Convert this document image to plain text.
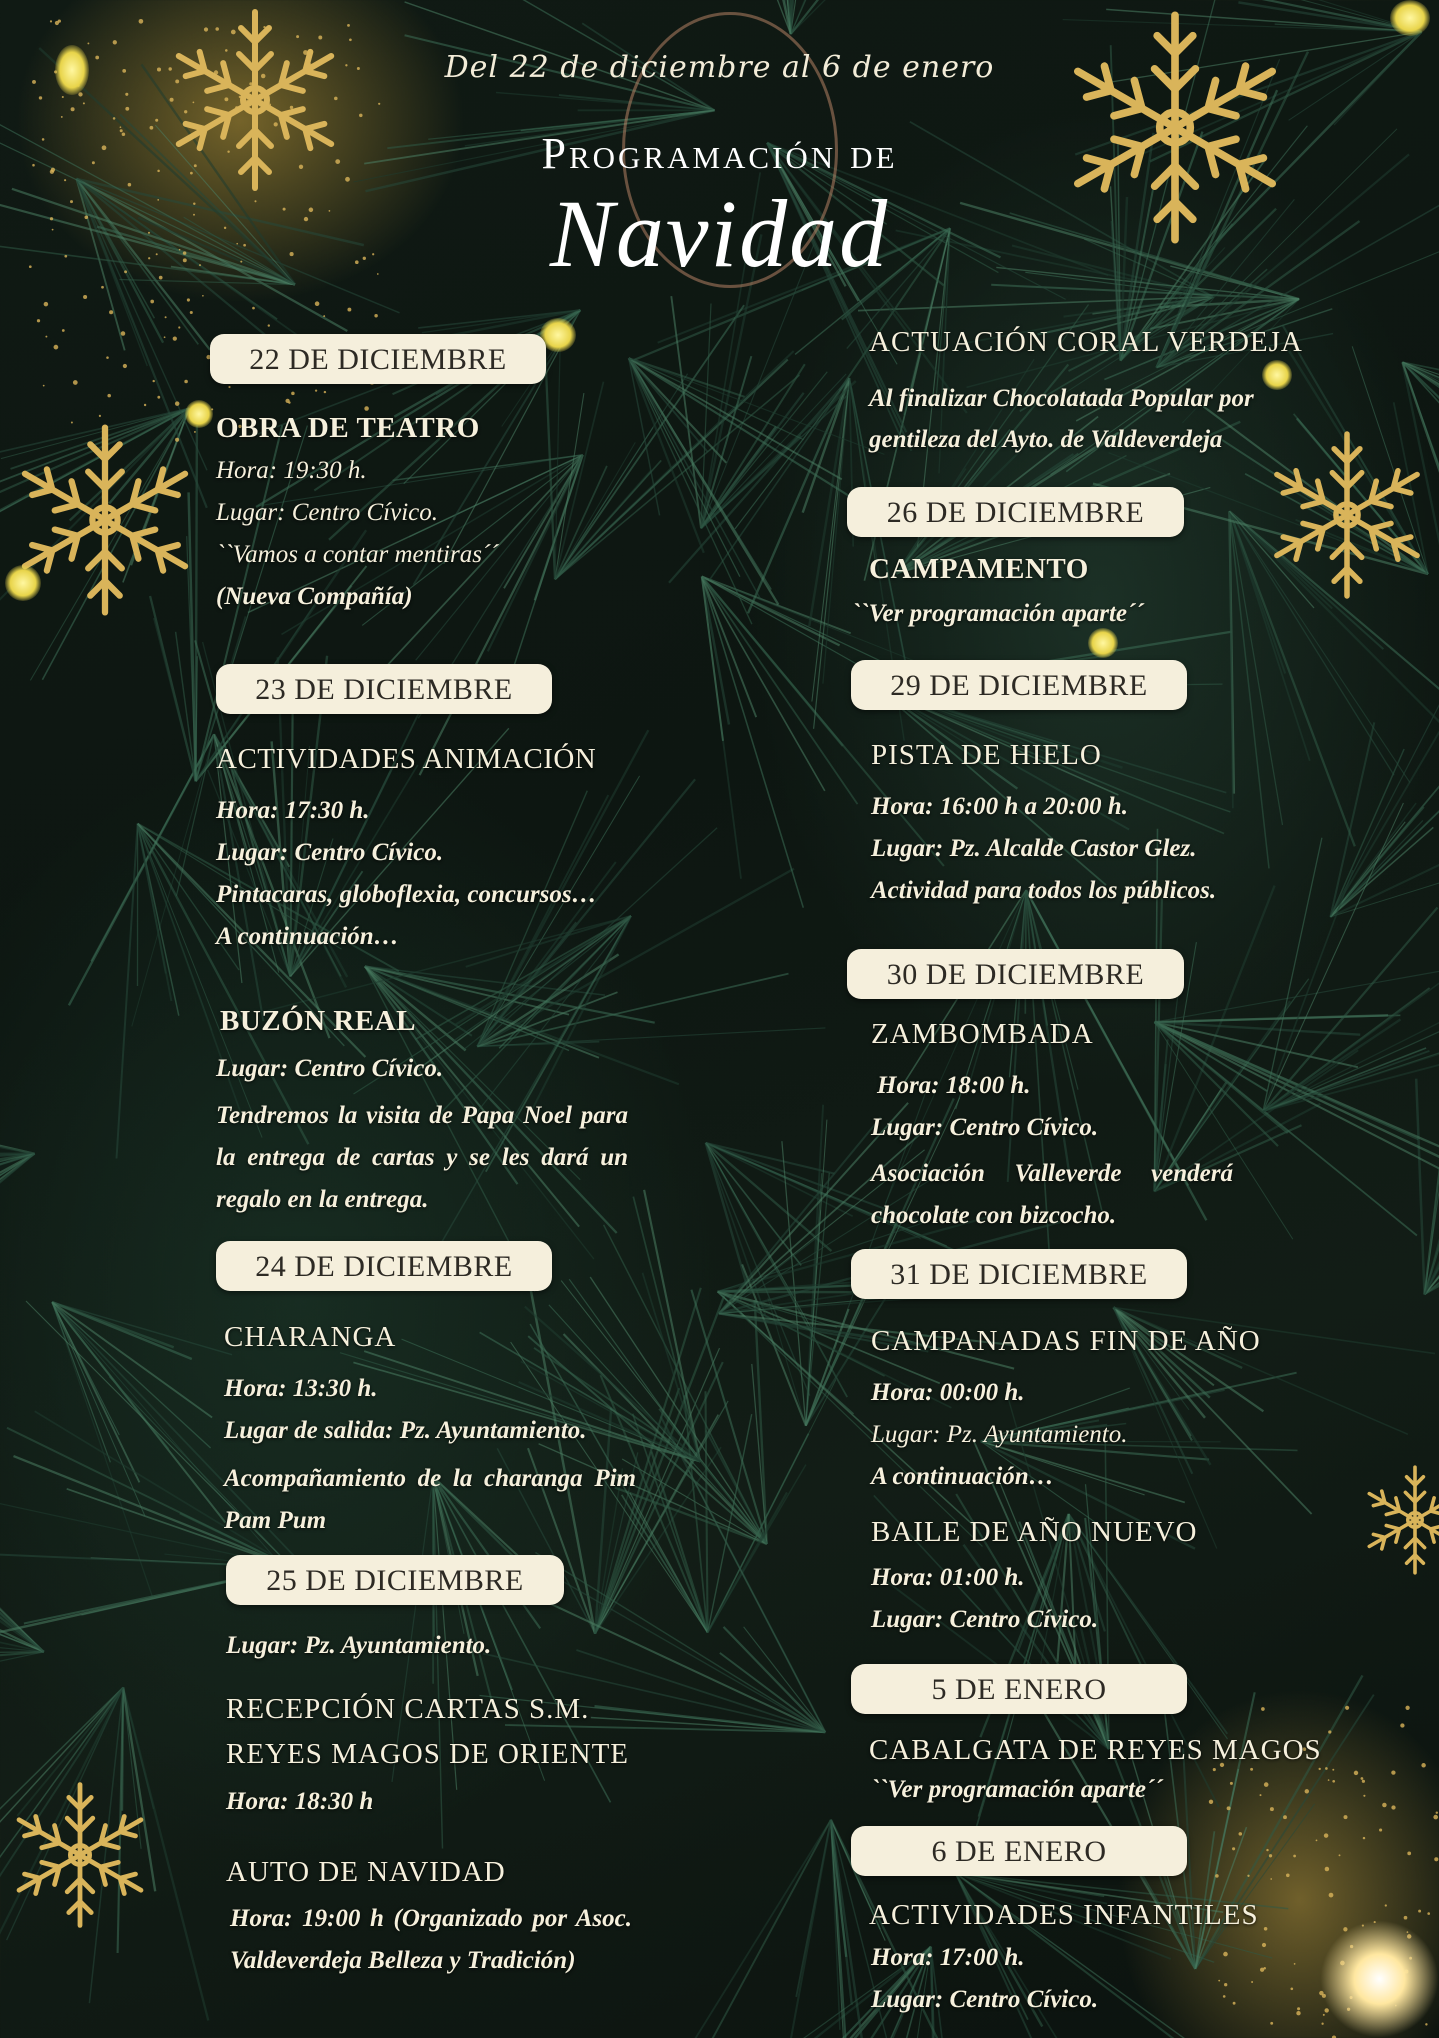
Del 22 de diciembre al 6 de enero
Programación de
Navidad
22 DE DICIEMBRE
OBRA DE TEATRO
Hora: 19:30 h.
Lugar: Centro Cívico.
``Vamos a contar mentiras´´
(Nueva Compañía)
23 DE DICIEMBRE
ACTIVIDADES ANIMACIÓN
Hora: 17:30 h.
Lugar: Centro Cívico.
Pintacaras, globoflexia, concursos…
A continuación…
BUZÓN REAL
Lugar: Centro Cívico.
Tendremos la visita de Papa Noel para la entrega de cartas y se les dará un regalo en la entrega.
24 DE DICIEMBRE
CHARANGA
Hora: 13:30 h.
Lugar de salida: Pz. Ayuntamiento.
Acompañamiento de la charanga Pim Pam Pum
25 DE DICIEMBRE
Lugar: Pz. Ayuntamiento.
RECEPCIÓN CARTAS S.M.
REYES MAGOS DE ORIENTE
Hora: 18:30 h
AUTO DE NAVIDAD
Hora: 19:00 h (Organizado por Asoc. Valdeverdeja Belleza y Tradición)
ACTUACIÓN CORAL VERDEJA
Al finalizar Chocolatada Popular por
gentileza del Ayto. de Valdeverdeja
26 DE DICIEMBRE
CAMPAMENTO
``Ver programación aparte´´
29 DE DICIEMBRE
PISTA DE HIELO
Hora: 16:00 h a 20:00 h.
Lugar: Pz. Alcalde Castor Glez.
Actividad para todos los públicos.
30 DE DICIEMBRE
ZAMBOMBADA
Hora: 18:00 h.
Lugar: Centro Cívico.
Asociación Valleverde venderá chocolate con bizcocho.
31 DE DICIEMBRE
CAMPANADAS FIN DE AÑO
Hora: 00:00 h.
Lugar: Pz. Ayuntamiento.
A continuación…
BAILE DE AÑO NUEVO
Hora: 01:00 h.
Lugar: Centro Cívico.
5 DE ENERO
CABALGATA DE REYES MAGOS
``Ver programación aparte´´
6 DE ENERO
ACTIVIDADES INFANTILES
Hora: 17:00 h.
Lugar: Centro Cívico.
